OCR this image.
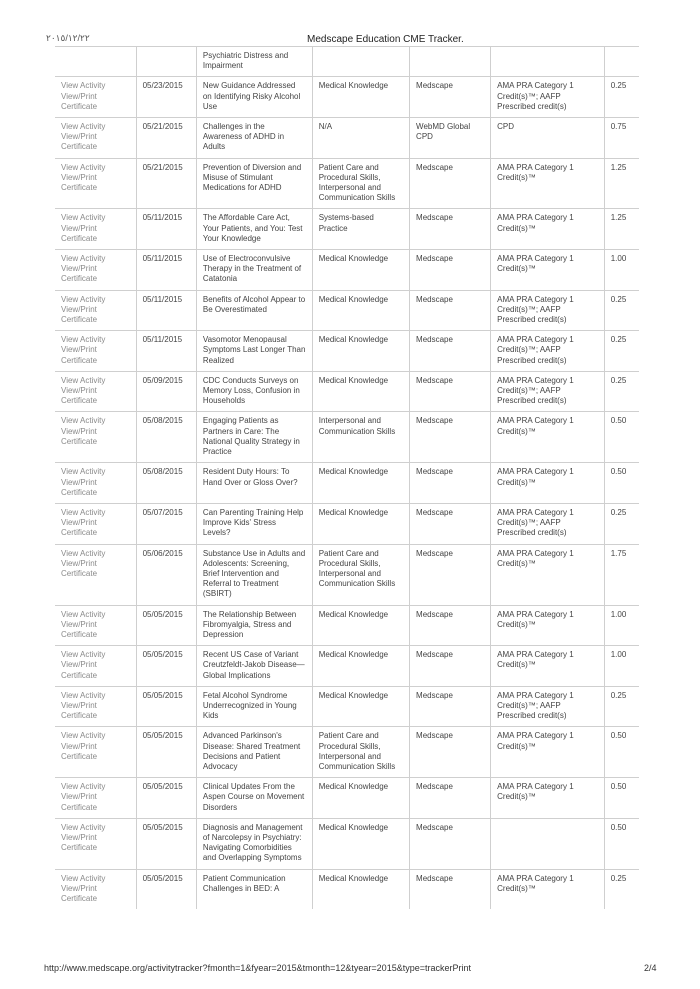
٢٠١٥/١٢/٢٢	Medscape Education CME Tracker.
		Psychiatric Distress and Impairment				

View Activity
View/Print
Certificate	05/23/2015	New Guidance Addressed on Identifying Risky Alcohol Use	Medical Knowledge	Medscape	AMA PRA Category 1 Credit(s)™; AAFP Prescribed credit(s)	0.25

View Activity
View/Print
Certificate	05/21/2015	Challenges in the Awareness of ADHD in Adults	N/A	WebMD Global CPD	CPD	0.75

View Activity
View/Print
Certificate	05/21/2015	Prevention of Diversion and Misuse of Stimulant Medications for ADHD	Patient Care and Procedural Skills, Interpersonal and Communication Skills	Medscape	AMA PRA Category 1 Credit(s)™	1.25

View Activity
View/Print
Certificate	05/11/2015	The Affordable Care Act, Your Patients, and You: Test Your Knowledge	Systems-based Practice	Medscape	AMA PRA Category 1 Credit(s)™	1.25

View Activity
View/Print
Certificate	05/11/2015	Use of Electroconvulsive Therapy in the Treatment of Catatonia	Medical Knowledge	Medscape	AMA PRA Category 1 Credit(s)™	1.00

View Activity
View/Print
Certificate	05/11/2015	Benefits of Alcohol Appear to Be Overestimated	Medical Knowledge	Medscape	AMA PRA Category 1 Credit(s)™; AAFP Prescribed credit(s)	0.25

View Activity
View/Print
Certificate	05/11/2015	Vasomotor Menopausal Symptoms Last Longer Than Realized	Medical Knowledge	Medscape	AMA PRA Category 1 Credit(s)™; AAFP Prescribed credit(s)	0.25

View Activity
View/Print
Certificate	05/09/2015	CDC Conducts Surveys on Memory Loss, Confusion in Households	Medical Knowledge	Medscape	AMA PRA Category 1 Credit(s)™; AAFP Prescribed credit(s)	0.25

View Activity
View/Print
Certificate	05/08/2015	Engaging Patients as Partners in Care: The National Quality Strategy in Practice	Interpersonal and Communication Skills	Medscape	AMA PRA Category 1 Credit(s)™	0.50

View Activity
View/Print
Certificate	05/08/2015	Resident Duty Hours: To Hand Over or Gloss Over?	Medical Knowledge	Medscape	AMA PRA Category 1 Credit(s)™	0.50

View Activity
View/Print
Certificate	05/07/2015	Can Parenting Training Help Improve Kids' Stress Levels?	Medical Knowledge	Medscape	AMA PRA Category 1 Credit(s)™; AAFP Prescribed credit(s)	0.25

View Activity
View/Print
Certificate	05/06/2015	Substance Use in Adults and Adolescents: Screening, Brief Intervention and Referral to Treatment (SBIRT)	Patient Care and Procedural Skills, Interpersonal and Communication Skills	Medscape	AMA PRA Category 1 Credit(s)™	1.75

View Activity
View/Print
Certificate	05/05/2015	The Relationship Between Fibromyalgia, Stress and Depression	Medical Knowledge	Medscape	AMA PRA Category 1 Credit(s)™	1.00

View Activity
View/Print
Certificate	05/05/2015	Recent US Case of Variant Creutzfeldt-Jakob Disease—Global Implications	Medical Knowledge	Medscape	AMA PRA Category 1 Credit(s)™	1.00

View Activity
View/Print
Certificate	05/05/2015	Fetal Alcohol Syndrome Underrecognized in Young Kids	Medical Knowledge	Medscape	AMA PRA Category 1 Credit(s)™; AAFP Prescribed credit(s)	0.25

View Activity
View/Print
Certificate	05/05/2015	Advanced Parkinson's Disease: Shared Treatment Decisions and Patient Advocacy	Patient Care and Procedural Skills, Interpersonal and Communication Skills	Medscape	AMA PRA Category 1 Credit(s)™	0.50

View Activity
View/Print
Certificate	05/05/2015	Clinical Updates From the Aspen Course on Movement Disorders	Medical Knowledge	Medscape	AMA PRA Category 1 Credit(s)™	0.50

View Activity
View/Print
Certificate	05/05/2015	Diagnosis and Management of Narcolepsy in Psychiatry: Navigating Comorbidities and Overlapping Symptoms	Medical Knowledge	Medscape		0.50

View Activity
View/Print
Certificate	05/05/2015	Patient Communication Challenges in BED: A	Medical Knowledge	Medscape	AMA PRA Category 1 Credit(s)™	0.25
http://www.medscape.org/activitytracker?fmonth=1&fyear=2015&tmonth=12&tyear=2015&type=trackerPrint	2/4
